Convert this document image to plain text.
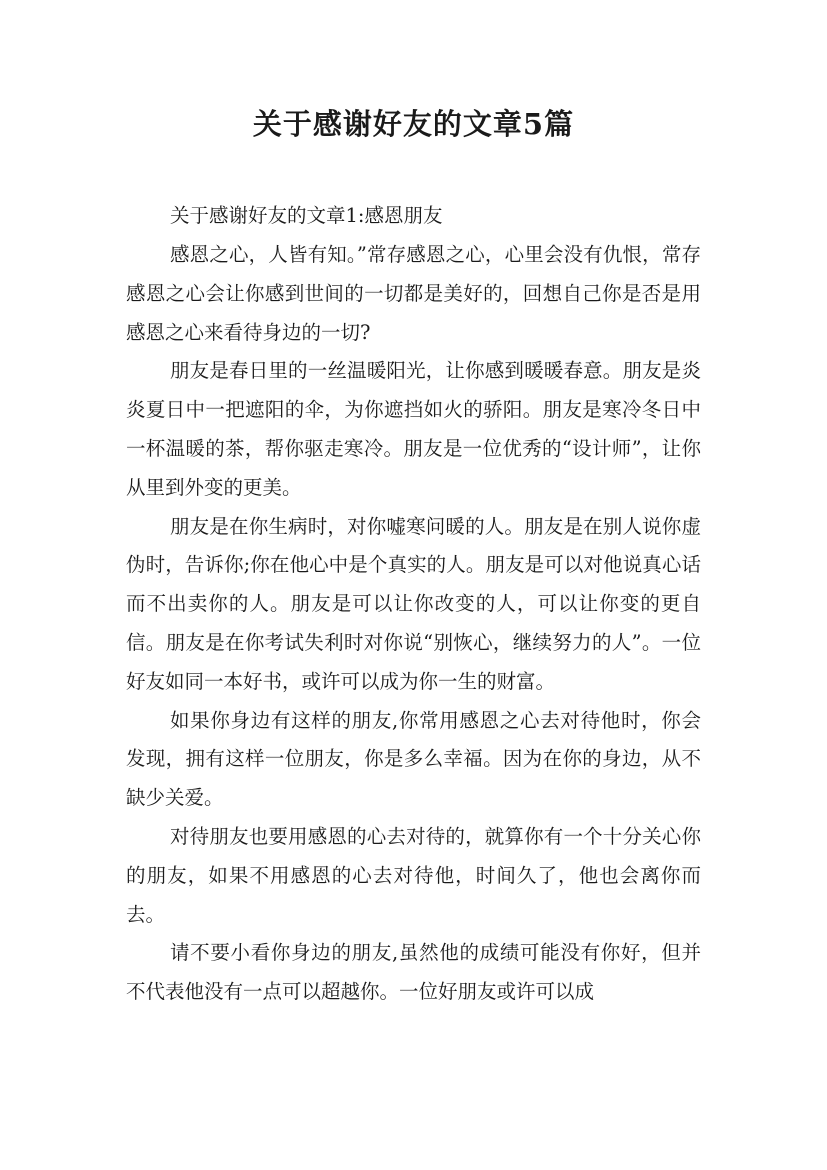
关于感谢好友的文章5篇

关于感谢好友的文章1:感恩朋友

感恩之心，人皆有知。”常存感恩之心，心里会没有仇恨，常存感恩之心会让你感到世间的一切都是美好的，回想自己你是否是用感恩之心来看待身边的一切?

朋友是春日里的一丝温暖阳光，让你感到暖暖春意。朋友是炎炎夏日中一把遮阳的伞，为你遮挡如火的骄阳。朋友是寒冷冬日中一杯温暖的茶，帮你驱走寒冷。朋友是一位优秀的“设计师”，让你从里到外变的更美。

朋友是在你生病时，对你嘘寒问暖的人。朋友是在别人说你虚伪时，告诉你;你在他心中是个真实的人。朋友是可以对他说真心话而不出卖你的人。朋友是可以让你改变的人，可以让你变的更自信。朋友是在你考试失利时对你说“别恢心，继续努力的人”。一位好友如同一本好书，或许可以成为你一生的财富。

如果你身边有这样的朋友,你常用感恩之心去对待他时，你会发现，拥有这样一位朋友，你是多么幸福。因为在你的身边，从不缺少关爱。

对待朋友也要用感恩的心去对待的，就算你有一个十分关心你的朋友，如果不用感恩的心去对待他，时间久了，他也会离你而去。

请不要小看你身边的朋友,虽然他的成绩可能没有你好，但并不代表他没有一点可以超越你。一位好朋友或许可以成
